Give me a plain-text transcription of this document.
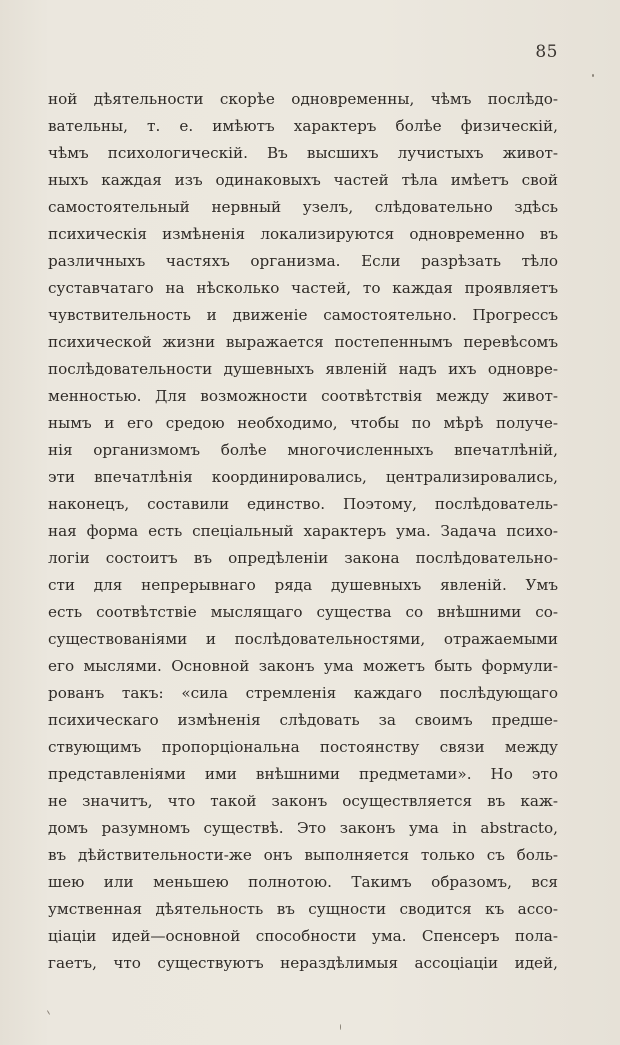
85
ной дѣятельности скорѣе одновременны, чѣмъ послѣдо-
вательны, т. е. имѣютъ характеръ болѣе физическій,
чѣмъ психологическій. Въ высшихъ лучистыхъ живот-
ныхъ каждая изъ одинаковыхъ частей тѣла имѣетъ свой
самостоятельный нервный узелъ, слѣдовательно здѣсь
психическія измѣненія локализируются одновременно въ
различныхъ частяхъ организма. Если разрѣзать тѣло
суставчатаго на нѣсколько частей, то каждая проявляетъ
чувствительность и движеніе самостоятельно. Прогрессъ
психической жизни выражается постепеннымъ перевѣсомъ
послѣдовательности душевныхъ явленій надъ ихъ одновре-
менностью. Для возможности соотвѣтствія между живот-
нымъ и его средою необходимо, чтобы по мѣрѣ получе-
нія организмомъ болѣе многочисленныхъ впечатлѣній,
эти впечатлѣнія координировались, централизировались,
наконецъ, составили единство. Поэтому, послѣдователь-
ная форма есть спеціальный характеръ ума. Задача психо-
логіи состоитъ въ опредѣленіи закона послѣдовательно-
сти для непрерывнаго ряда душевныхъ явленій. Умъ
есть соотвѣтствіе мыслящаго существа со внѣшними со-
существованіями и послѣдовательностями, отражаемыми
его мыслями. Основной законъ ума можетъ быть формули-
рованъ такъ: «сила стремленія каждаго послѣдующаго
психическаго измѣненія слѣдовать за своимъ предше-
ствующимъ пропорціональна постоянству связи между
представленіями ими внѣшними предметами». Но это
не значитъ, что такой законъ осуществляется въ каж-
домъ разумномъ существѣ. Это законъ ума in abstracto,
въ дѣйствительности-же онъ выполняется только съ боль-
шею или меньшею полнотою. Такимъ образомъ, вся
умственная дѣятельность въ сущности сводится къ ассо-
ціаціи идей—основной способности ума. Спенсеръ пола-
гаетъ, что существуютъ нераздѣлимыя ассоціаціи идей,
